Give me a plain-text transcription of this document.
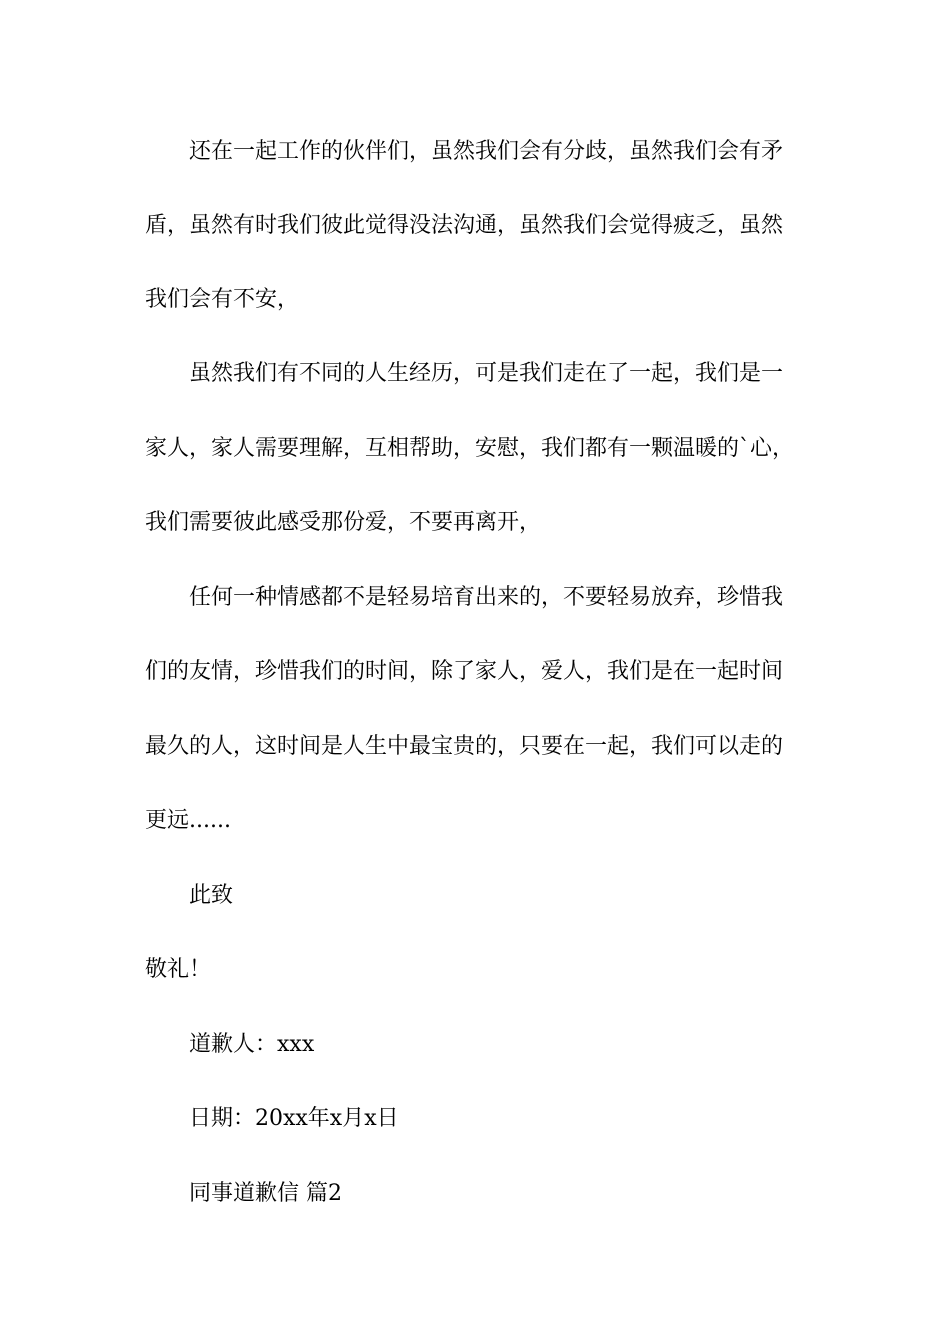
还在一起工作的伙伴们，虽然我们会有分歧，虽然我们会有矛
盾，虽然有时我们彼此觉得没法沟通，虽然我们会觉得疲乏，虽然
我们会有不安，
虽然我们有不同的人生经历，可是我们走在了一起，我们是一
家人，家人需要理解，互相帮助，安慰，我们都有一颗温暖的`心，
我们需要彼此感受那份爱，不要再离开，
任何一种情感都不是轻易培育出来的，不要轻易放弃，珍惜我
们的友情，珍惜我们的时间，除了家人，爱人，我们是在一起时间
最久的人，这时间是人生中最宝贵的，只要在一起，我们可以走的
更远......
此致
敬礼！
道歉人：xxx
日期：20xx年x月x日
同事道歉信 篇2
